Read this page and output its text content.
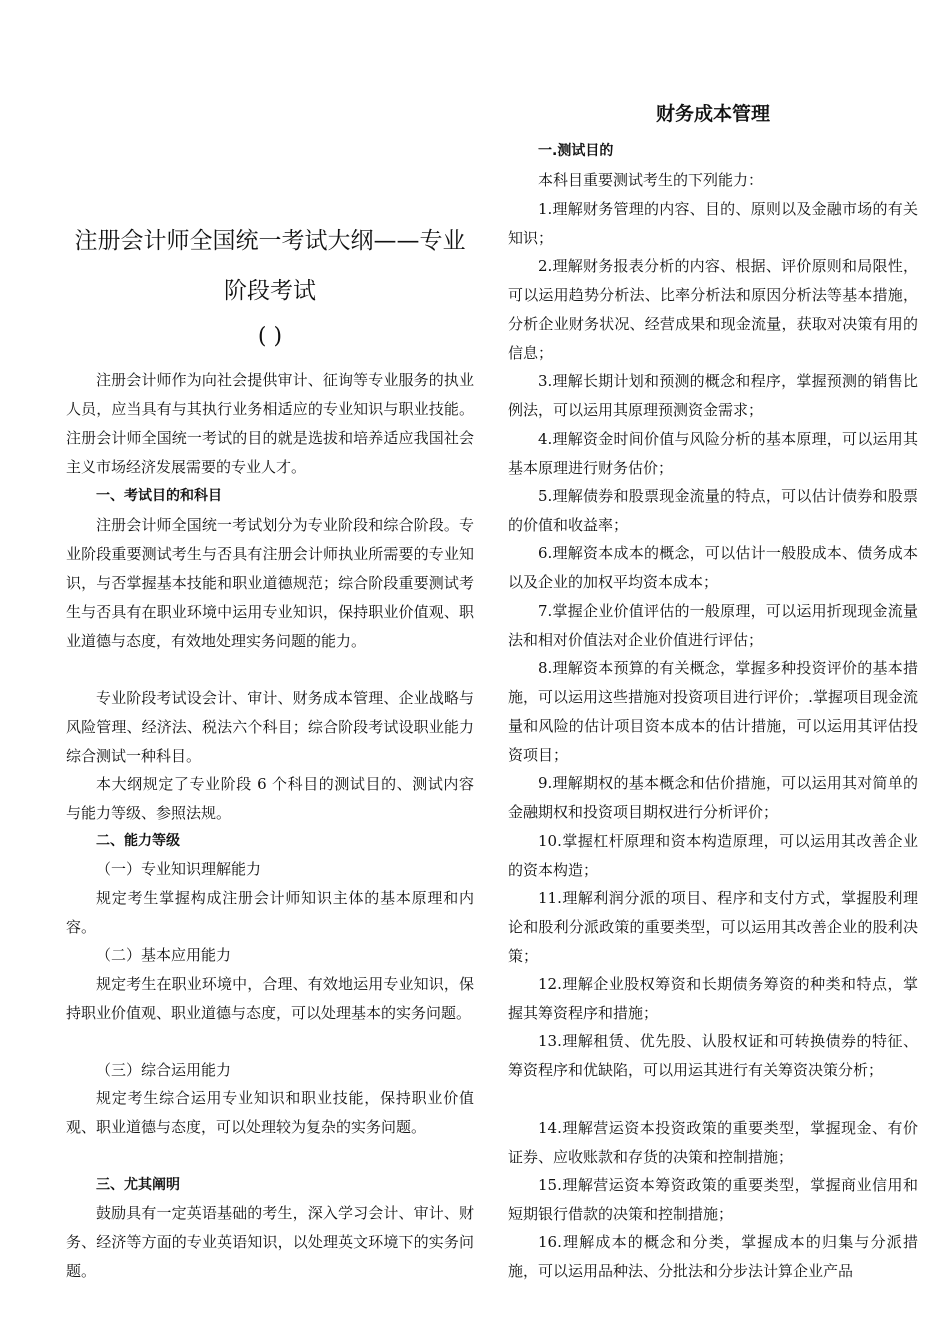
注册会计师全国统一考试大纲——专业阶段考试
( )

注册会计师作为向社会提供审计、征询等专业服务的执业人员，应当具有与其执行业务相适应的专业知识与职业技能。注册会计师全国统一考试的目的就是选拔和培养适应我国社会主义市场经济发展需要的专业人才。

一、考试目的和科目

注册会计师全国统一考试划分为专业阶段和综合阶段。专业阶段重要测试考生与否具有注册会计师执业所需要的专业知识，与否掌握基本技能和职业道德规范；综合阶段重要测试考生与否具有在职业环境中运用专业知识，保持职业价值观、职业道德与态度，有效地处理实务问题的能力。

专业阶段考试设会计、审计、财务成本管理、企业战略与风险管理、经济法、税法六个科目；综合阶段考试设职业能力综合测试一种科目。

本大纲规定了专业阶段 6 个科目的测试目的、测试内容与能力等级、参照法规。

二、能力等级

（一）专业知识理解能力

规定考生掌握构成注册会计师知识主体的基本原理和内容。

（二）基本应用能力

规定考生在职业环境中，合理、有效地运用专业知识，保持职业价值观、职业道德与态度，可以处理基本的实务问题。

（三）综合运用能力

规定考生综合运用专业知识和职业技能，保持职业价值观、职业道德与态度，可以处理较为复杂的实务问题。

三、尤其阐明

鼓励具有一定英语基础的考生，深入学习会计、审计、财务、经济等方面的专业英语知识，以处理英文环境下的实务问题。

财务成本管理

一.测试目的

本科目重要测试考生的下列能力：

1.理解财务管理的内容、目的、原则以及金融市场的有关知识；

2.理解财务报表分析的内容、根据、评价原则和局限性，可以运用趋势分析法、比率分析法和原因分析法等基本措施，分析企业财务状况、经营成果和现金流量，获取对决策有用的信息；

3.理解长期计划和预测的概念和程序，掌握预测的销售比例法，可以运用其原理预测资金需求；

4.理解资金时间价值与风险分析的基本原理，可以运用其基本原理进行财务估价；

5.理解债券和股票现金流量的特点，可以估计债券和股票的价值和收益率；

6.理解资本成本的概念，可以估计一般股成本、债务成本以及企业的加权平均资本成本；

7.掌握企业价值评估的一般原理，可以运用折现现金流量法和相对价值法对企业价值进行评估；

8.理解资本预算的有关概念，掌握多种投资评价的基本措施，可以运用这些措施对投资项目进行评价；.掌握项目现金流量和风险的估计项目资本成本的估计措施，可以运用其评估投资项目；

9.理解期权的基本概念和估价措施，可以运用其对简单的金融期权和投资项目期权进行分析评价；

10.掌握杠杆原理和资本构造原理，可以运用其改善企业的资本构造；

11.理解利润分派的项目、程序和支付方式，掌握股利理论和股利分派政策的重要类型，可以运用其改善企业的股利决策；

12.理解企业股权筹资和长期债务筹资的种类和特点，掌握其筹资程序和措施；

13.理解租赁、优先股、认股权证和可转换债券的特征、筹资程序和优缺陷，可以用运其进行有关筹资决策分析；

14.理解营运资本投资政策的重要类型，掌握现金、有价证券、应收账款和存货的决策和控制措施；

15.理解营运资本筹资政策的重要类型，掌握商业信用和短期银行借款的决策和控制措施；

16.理解成本的概念和分类，掌握成本的归集与分派措施，可以运用品种法、分批法和分步法计算企业产品
